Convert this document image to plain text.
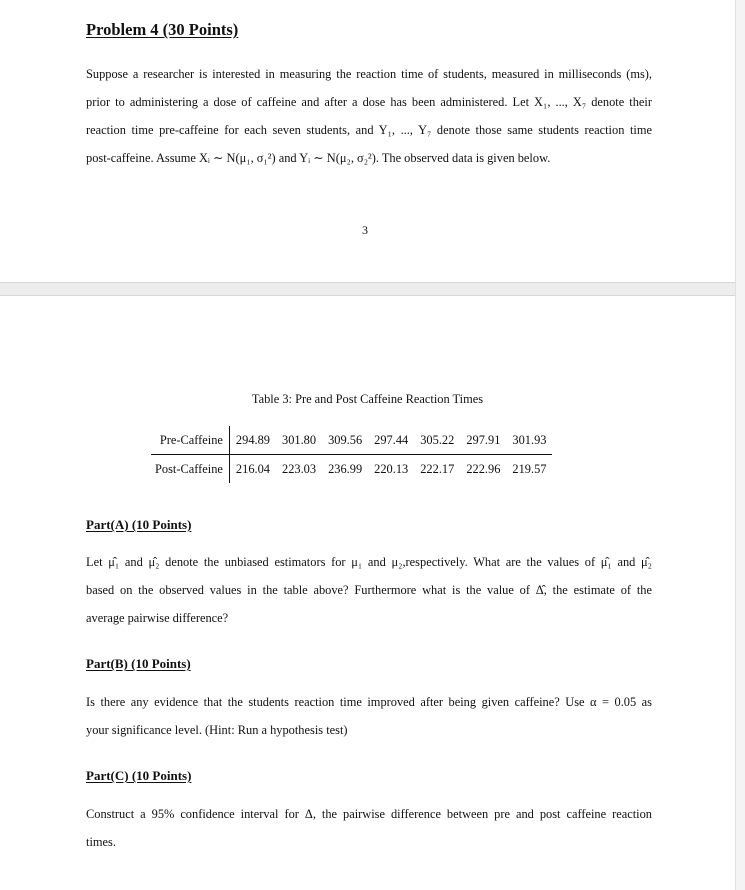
Problem 4 (30 Points)

Suppose a researcher is interested in measuring the reaction time of students, measured in milliseconds (ms),
prior to administering a dose of caffeine and after a dose has been administered. Let X₁, ..., X₇ denote their
reaction time pre-caffeine for each seven students, and Y₁, ..., Y₇ denote those same students reaction time
post-caffeine. Assume Xᵢ ∼ N(μ₁, σ₁²) and Yᵢ ∼ N(μ₂, σ₂²). The observed data is given below.

3
Table 3: Pre and Post Caffeine Reaction Times
Pre-Caffeine	294.89	301.80	309.56	297.44	305.22	297.91	301.93
Post-Caffeine	216.04	223.03	236.99	220.13	222.17	222.96	219.57
Part(A) (10 Points)

Let μ̂₁ and μ̂₂ denote the unbiased estimators for μ₁ and μ₂,respectively. What are the values of μ̂₁ and μ̂₂
based on the observed values in the table above? Furthermore what is the value of Δ̂, the estimate of the
average pairwise difference?

Part(B) (10 Points)

Is there any evidence that the students reaction time improved after being given caffeine? Use α = 0.05 as
your significance level. (Hint: Run a hypothesis test)

Part(C) (10 Points)

Construct a 95% confidence interval for Δ, the pairwise difference between pre and post caffeine reaction
times.
